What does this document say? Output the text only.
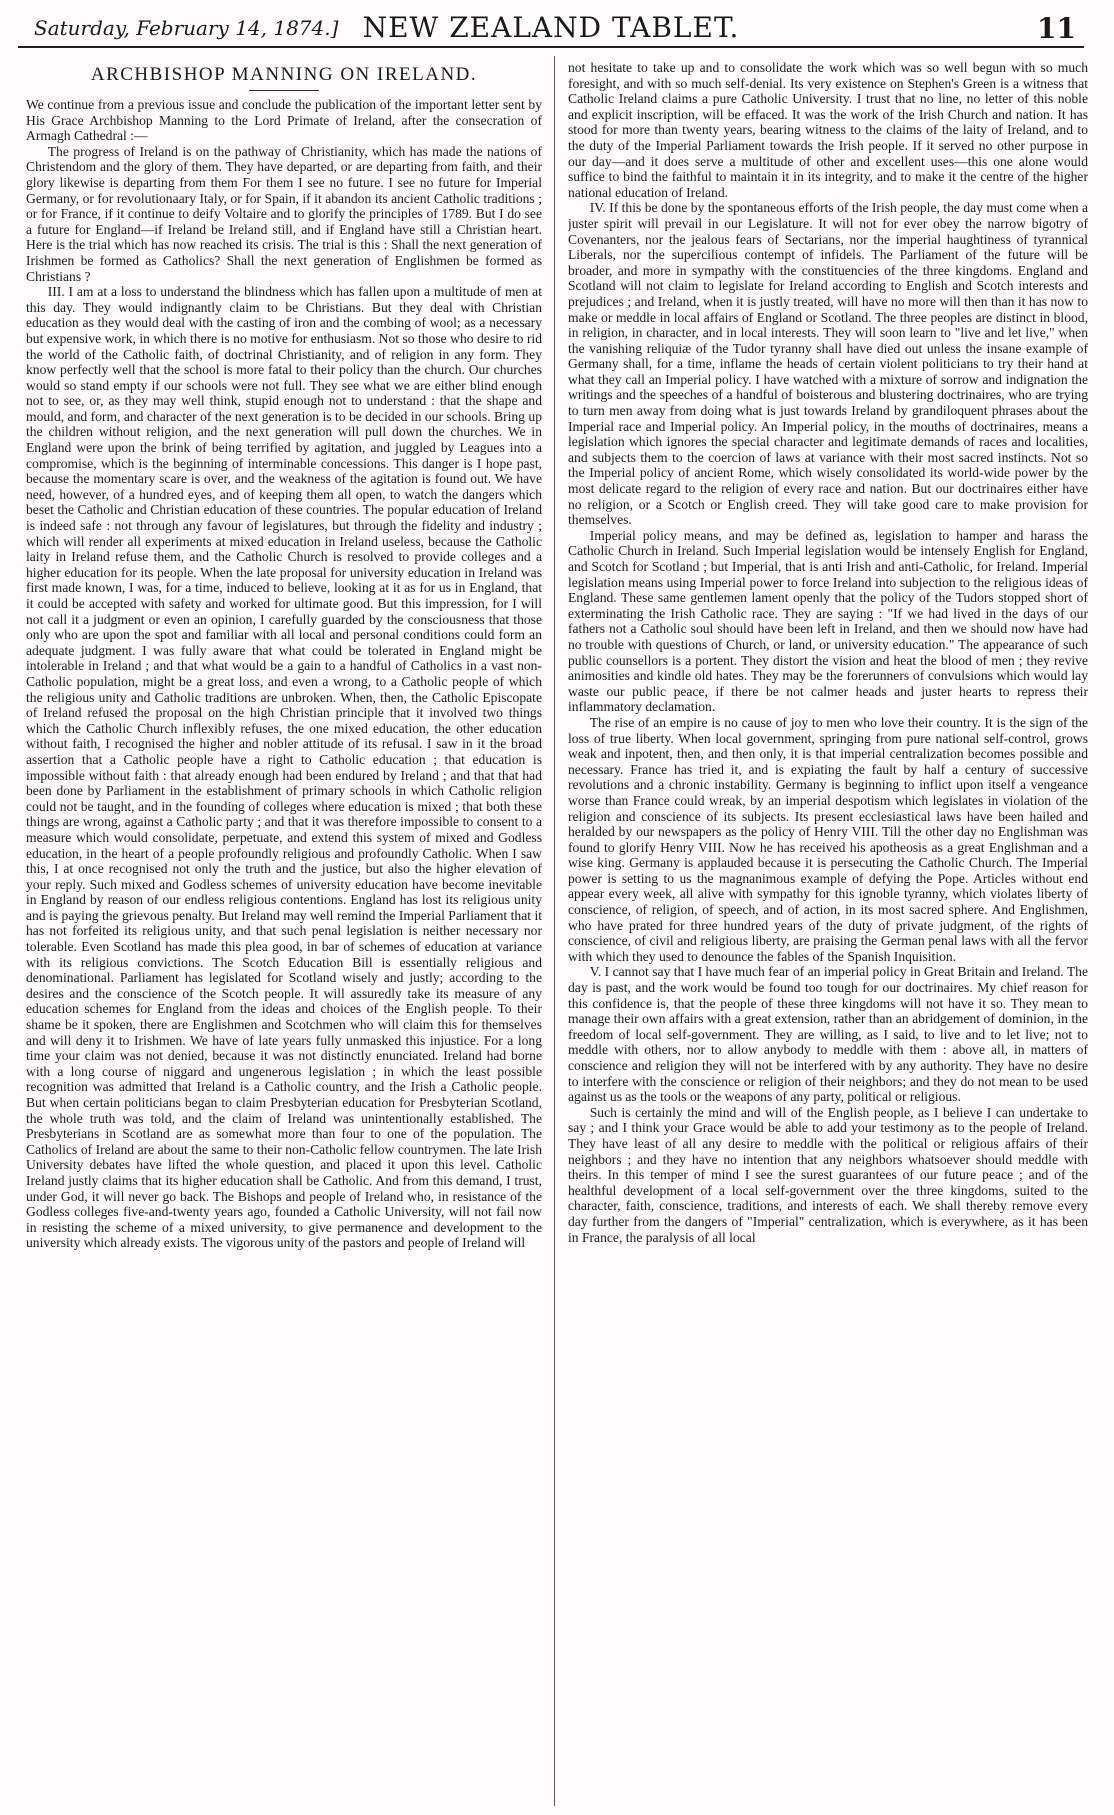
Saturday, February 14, 1874.] NEW ZEALAND TABLET.	11
ARCHBISHOP MANNING ON IRELAND.

We continue from a previous issue and conclude the publication of the important letter sent by His Grace Archbishop Manning to the Lord Primate of Ireland, after the consecration of Armagh Cathedral :—

The progress of Ireland is on the pathway of Christianity, which has made the nations of Christendom and the glory of them. They have departed, or are departing from faith, and their glory likewise is departing from them For them I see no future. I see no future for Imperial Germany, or for revolutionaary Italy, or for Spain, if it abandon its ancient Catholic traditions ; or for France, if it continue to deify Voltaire and to glorify the principles of 1789. But I do see a future for England—if Ireland be Ireland still, and if England have still a Christian heart. Here is the trial which has now reached its crisis. The trial is this : Shall the next generation of Irishmen be formed as Catholics? Shall the next generation of Englishmen be formed as Christians ?

III. I am at a loss to understand the blindness which has fallen upon a multitude of men at this day. They would indignantly claim to be Christians. But they deal with Christian education as they would deal with the casting of iron and the combing of wool; as a necessary but expensive work, in which there is no motive for enthusiasm. Not so those who desire to rid the world of the Catholic faith, of doctrinal Christianity, and of religion in any form. They know perfectly well that the school is more fatal to their policy than the church. Our churches would so stand empty if our schools were not full. They see what we are either blind enough not to see, or, as they may well think, stupid enough not to understand : that the shape and mould, and form, and character of the next generation is to be decided in our schools. Bring up the children without religion, and the next generation will pull down the churches. We in England were upon the brink of being terrified by agitation, and juggled by Leagues into a compromise, which is the beginning of interminable concessions. This danger is I hope past, because the momentary scare is over, and the weakness of the agitation is found out. We have need, however, of a hundred eyes, and of keeping them all open, to watch the dangers which beset the Catholic and Christian education of these countries. The popular education of Ireland is indeed safe : not through any favour of legislatures, but through the fidelity and industry ; which will render all experiments at mixed education in Ireland useless, because the Catholic laity in Ireland refuse them, and the Catholic Church is resolved to provide colleges and a higher education for its people. When the late proposal for university education in Ireland was first made known, I was, for a time, induced to believe, looking at it as for us in England, that it could be accepted with safety and worked for ultimate good. But this impression, for I will not call it a judgment or even an opinion, I carefully guarded by the consciousness that those only who are upon the spot and familiar with all local and personal conditions could form an adequate judgment. I was fully aware that what could be tolerated in England might be intolerable in Ireland ; and that what would be a gain to a handful of Catholics in a vast non-Catholic population, might be a great loss, and even a wrong, to a Catholic people of which the religious unity and Catholic traditions are unbroken. When, then, the Catholic Episcopate of Ireland refused the proposal on the high Christian principle that it involved two things which the Catholic Church inflexibly refuses, the one mixed education, the other education without faith, I recognised the higher and nobler attitude of its refusal. I saw in it the broad assertion that a Catholic people have a right to Catholic education ; that education is impossible without faith : that already enough had been endured by Ireland ; and that that had been done by Parliament in the establishment of primary schools in which Catholic religion could not be taught, and in the founding of colleges where education is mixed ; that both these things are wrong, against a Catholic party ; and that it was therefore impossible to consent to a measure which would consolidate, perpetuate, and extend this system of mixed and Godless education, in the heart of a people profoundly religious and profoundly Catholic. When I saw this, I at once recognised not only the truth and the justice, but also the higher elevation of your reply. Such mixed and Godless schemes of university education have become inevitable in England by reason of our endless religious contentions. England has lost its religious unity and is paying the grievous penalty. But Ireland may well remind the Imperial Parliament that it has not forfeited its religious unity, and that such penal legislation is neither necessary nor tolerable. Even Scotland has made this plea good, in bar of schemes of education at variance with its religious convictions. The Scotch Education Bill is essentially religious and denominational. Parliament has legislated for Scotland wisely and justly; according to the desires and the conscience of the Scotch people. It will assuredly take its measure of any education schemes for England from the ideas and choices of the English people. To their shame be it spoken, there are Englishmen and Scotchmen who will claim this for themselves and will deny it to Irishmen. We have of late years fully unmasked this injustice. For a long time your claim was not denied, because it was not distinctly enunciated. Ireland had borne with a long course of niggard and ungenerous legislation ; in which the least possible recognition was admitted that Ireland is a Catholic country, and the Irish a Catholic people. But when certain politicians began to claim Presbyterian education for Presbyterian Scotland, the whole truth was told, and the claim of Ireland was unintentionally established. The Presbyterians in Scotland are as somewhat more than four to one of the population. The Catholics of Ireland are about the same to their non-Catholic fellow countrymen. The late Irish University debates have lifted the whole question, and placed it upon this level. Catholic Ireland justly claims that its higher education shall be Catholic. And from this demand, I trust, under God, it will never go back. The Bishops and people of Ireland who, in resistance of the Godless colleges five-and-twenty years ago, founded a Catholic University, will not fail now in resisting the scheme of a mixed university, to give permanence and development to the university which already exists. The vigorous unity of the pastors and people of Ireland will

not hesitate to take up and to consolidate the work which was so well begun with so much foresight, and with so much self-denial. Its very existence on Stephen's Green is a witness that Catholic Ireland claims a pure Catholic University. I trust that no line, no letter of this noble and explicit inscription, will be effaced. It was the work of the Irish Church and nation. It has stood for more than twenty years, bearing witness to the claims of the laity of Ireland, and to the duty of the Imperial Parliament towards the Irish people. If it served no other purpose in our day—and it does serve a multitude of other and excellent uses—this one alone would suffice to bind the faithful to maintain it in its integrity, and to make it the centre of the higher national education of Ireland.

IV. If this be done by the spontaneous efforts of the Irish people, the day must come when a juster spirit will prevail in our Legislature. It will not for ever obey the narrow bigotry of Covenanters, nor the jealous fears of Sectarians, nor the imperial haughtiness of tyrannical Liberals, nor the supercilious contempt of infidels. The Parliament of the future will be broader, and more in sympathy with the constituencies of the three kingdoms. England and Scotland will not claim to legislate for Ireland according to English and Scotch interests and prejudices ; and Ireland, when it is justly treated, will have no more will then than it has now to make or meddle in local affairs of England or Scotland. The three peoples are distinct in blood, in religion, in character, and in local interests. They will soon learn to "live and let live," when the vanishing reliquiæ of the Tudor tyranny shall have died out unless the insane example of Germany shall, for a time, inflame the heads of certain violent politicians to try their hand at what they call an Imperial policy. I have watched with a mixture of sorrow and indignation the writings and the speeches of a handful of boisterous and blustering doctrinaires, who are trying to turn men away from doing what is just towards Ireland by grandiloquent phrases about the Imperial race and Imperial policy. An Imperial policy, in the mouths of doctrinaires, means a legislation which ignores the special character and legitimate demands of races and localities, and subjects them to the coercion of laws at variance with their most sacred instincts. Not so the Imperial policy of ancient Rome, which wisely consolidated its world-wide power by the most delicate regard to the religion of every race and nation. But our doctrinaires either have no religion, or a Scotch or English creed. They will take good care to make provision for themselves.

Imperial policy means, and may be defined as, legislation to hamper and harass the Catholic Church in Ireland. Such Imperial legislation would be intensely English for England, and Scotch for Scotland ; but Imperial, that is anti Irish and anti-Catholic, for Ireland. Imperial legislation means using Imperial power to force Ireland into subjection to the religious ideas of England. These same gentlemen lament openly that the policy of the Tudors stopped short of exterminating the Irish Catholic race. They are saying : "If we had lived in the days of our fathers not a Catholic soul should have been left in Ireland, and then we should now have had no trouble with questions of Church, or land, or university education." The appearance of such public counsellors is a portent. They distort the vision and heat the blood of men ; they revive animosities and kindle old hates. They may be the forerunners of convulsions which would lay waste our public peace, if there be not calmer heads and juster hearts to repress their inflammatory declamation.

The rise of an empire is no cause of joy to men who love their country. It is the sign of the loss of true liberty. When local government, springing from pure national self-control, grows weak and inpotent, then, and then only, it is that imperial centralization becomes possible and necessary. France has tried it, and is expiating the fault by half a century of successive revolutions and a chronic instability. Germany is beginning to inflict upon itself a vengeance worse than France could wreak, by an imperial despotism which legislates in violation of the religion and conscience of its subjects. Its present ecclesiastical laws have been hailed and heralded by our newspapers as the policy of Henry VIII. Till the other day no Englishman was found to glorify Henry VIII. Now he has received his apotheosis as a great Englishman and a wise king. Germany is applauded because it is persecuting the Catholic Church. The Imperial power is setting to us the magnanimous example of defying the Pope. Articles without end appear every week, all alive with sympathy for this ignoble tyranny, which violates liberty of conscience, of religion, of speech, and of action, in its most sacred sphere. And Englishmen, who have prated for three hundred years of the duty of private judgment, of the rights of conscience, of civil and religious liberty, are praising the German penal laws with all the fervor with which they used to denounce the fables of the Spanish Inquisition.

V. I cannot say that I have much fear of an imperial policy in Great Britain and Ireland. The day is past, and the work would be found too tough for our doctrinaires. My chief reason for this confidence is, that the people of these three kingdoms will not have it so. They mean to manage their own affairs with a great extension, rather than an abridgement of dominion, in the freedom of local self-government. They are willing, as I said, to live and to let live; not to meddle with others, nor to allow anybody to meddle with them : above all, in matters of conscience and religion they will not be interfered with by any authority. They have no desire to interfere with the conscience or religion of their neighbors; and they do not mean to be used against us as the tools or the weapons of any party, political or religious.

Such is certainly the mind and will of the English people, as I believe I can undertake to say ; and I think your Grace would be able to add your testimony as to the people of Ireland. They have least of all any desire to meddle with the political or religious affairs of their neighbors ; and they have no intention that any neighbors whatsoever should meddle with theirs. In this temper of mind I see the surest guarantees of our future peace ; and of the healthful development of a local self-government over the three kingdoms, suited to the character, faith, conscience, traditions, and interests of each. We shall thereby remove every day further from the dangers of "Imperial" centralization, which is everywhere, as it has been in France, the paralysis of all local
